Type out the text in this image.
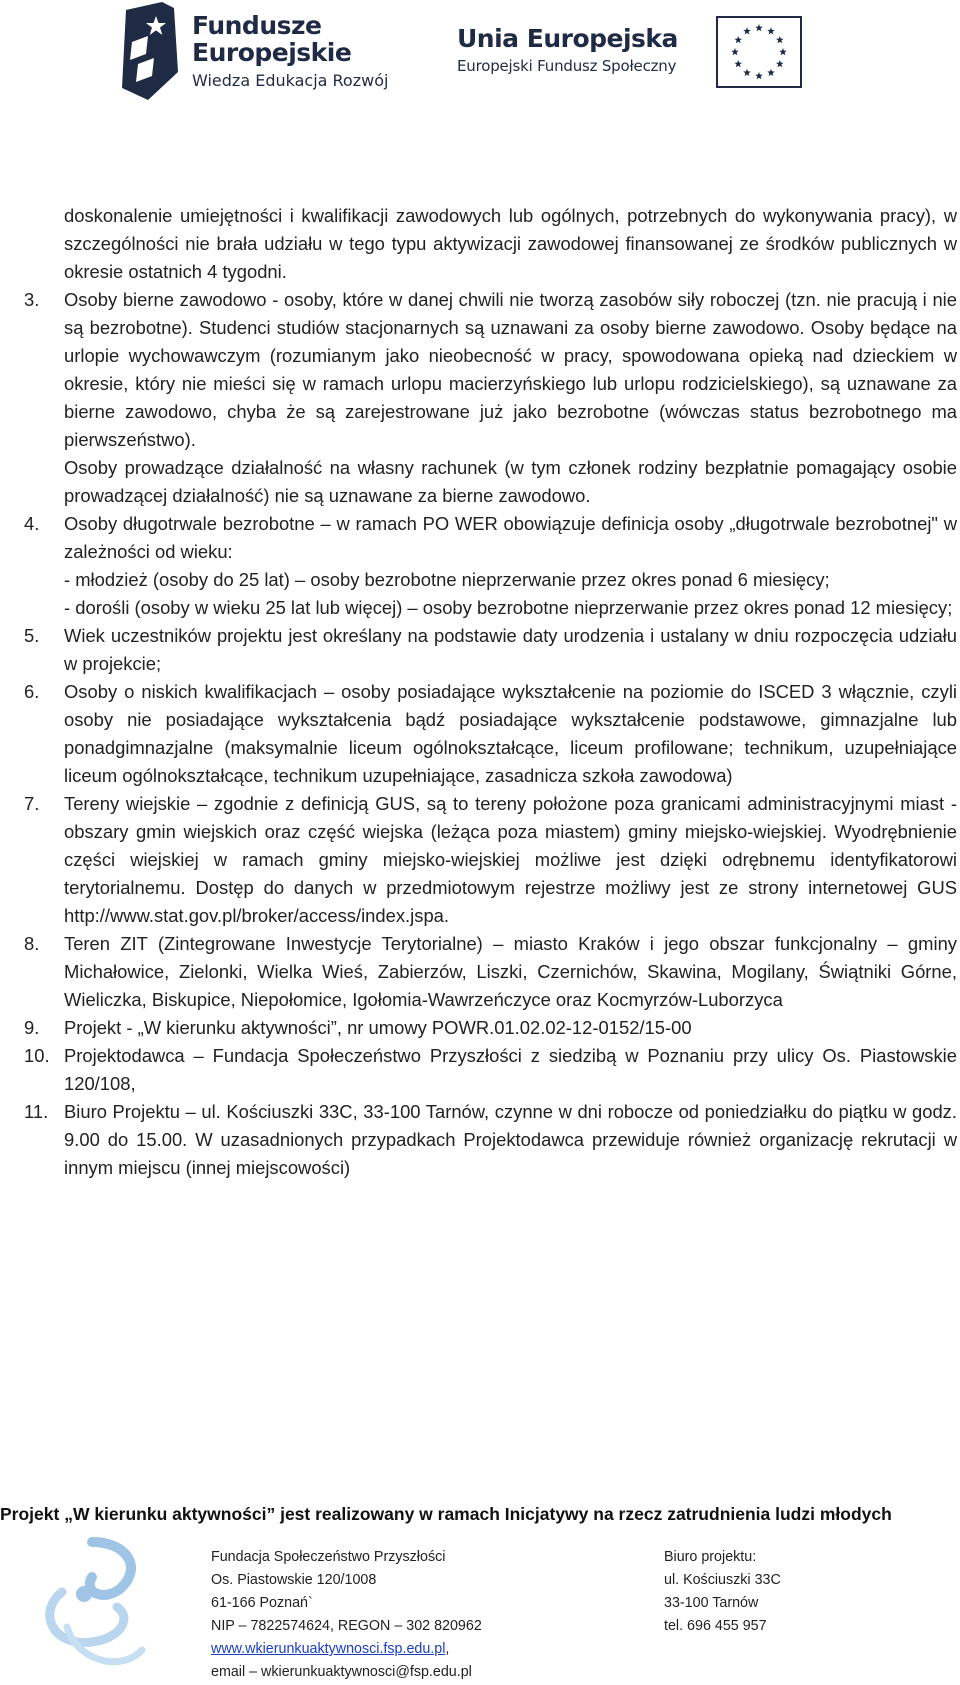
Fundusze
Europejskie
Wiedza Edukacja Rozwój
Unia Europejska
Europejski Fundusz Społeczny

doskonalenie umiejętności i kwalifikacji zawodowych lub ogólnych, potrzebnych do wykonywania pracy), w szczególności nie brała udziału w tego typu aktywizacji zawodowej finansowanej ze środków publicznych w okresie ostatnich 4 tygodni.

3.	Osoby bierne zawodowo - osoby, które w danej chwili nie tworzą zasobów siły roboczej (tzn. nie pracują i nie są bezrobotne). Studenci studiów stacjonarnych są uznawani za osoby bierne zawodowo. Osoby będące na urlopie wychowawczym (rozumianym jako nieobecność w pracy, spowodowana opieką nad dzieckiem w okresie, który nie mieści się w ramach urlopu macierzyńskiego lub urlopu rodzicielskiego), są uznawane za bierne zawodowo, chyba że są zarejestrowane już jako bezrobotne (wówczas status bezrobotnego ma pierwszeństwo).
Osoby prowadzące działalność na własny rachunek (w tym członek rodziny bezpłatnie pomagający osobie prowadzącej działalność) nie są uznawane za bierne zawodowo.
4.	Osoby długotrwale bezrobotne – w ramach PO WER obowiązuje definicja osoby „długotrwale bezrobotnej" w zależności od wieku:
- młodzież (osoby do 25 lat) – osoby bezrobotne nieprzerwanie przez okres ponad 6 miesięcy;
- dorośli (osoby w wieku 25 lat lub więcej) – osoby bezrobotne nieprzerwanie przez okres ponad 12 miesięcy;
5.	Wiek uczestników projektu jest określany na podstawie daty urodzenia i ustalany w dniu rozpoczęcia udziału w projekcie;
6.	Osoby o niskich kwalifikacjach – osoby posiadające wykształcenie na poziomie do ISCED 3 włącznie, czyli osoby nie posiadające wykształcenia bądź posiadające wykształcenie podstawowe, gimnazjalne lub ponadgimnazjalne (maksymalnie liceum ogólnokształcące, liceum profilowane; technikum, uzupełniające liceum ogólnokształcące, technikum uzupełniające, zasadnicza szkoła zawodowa)
7.	Tereny wiejskie – zgodnie z definicją GUS, są to tereny położone poza granicami administracyjnymi miast - obszary gmin wiejskich oraz część wiejska (leżąca poza miastem) gminy miejsko-wiejskiej. Wyodrębnienie części wiejskiej w ramach gminy miejsko-wiejskiej możliwe jest dzięki odrębnemu identyfikatorowi terytorialnemu. Dostęp do danych w przedmiotowym rejestrze możliwy jest ze strony internetowej GUS http://www.stat.gov.pl/broker/access/index.jspa.
8.	Teren ZIT (Zintegrowane Inwestycje Terytorialne) – miasto Kraków i jego obszar funkcjonalny – gminy Michałowice, Zielonki, Wielka Wieś, Zabierzów, Liszki, Czernichów, Skawina, Mogilany, Świątniki Górne, Wieliczka, Biskupice, Niepołomice, Igołomia-Wawrzeńczyce oraz Kocmyrzów-Luborzyca
9.	Projekt - „W kierunku aktywności”, nr umowy POWR.01.02.02-12-0152/15-00
10. Projektodawca – Fundacja Społeczeństwo Przyszłości z siedzibą w Poznaniu przy ulicy Os. Piastowskie 120/108,
11. Biuro Projektu – ul. Kościuszki 33C, 33-100 Tarnów, czynne w dni robocze od poniedziałku do piątku w godz. 9.00 do 15.00. W uzasadnionych przypadkach Projektodawca przewiduje również organizację rekrutacji w innym miejscu (innej miejscowości)
Projekt „W kierunku aktywności” jest realizowany w ramach Inicjatywy na rzecz zatrudnienia ludzi młodych
Fundacja Społeczeństwo Przyszłości
Os. Piastowskie 120/1008
61-166 Poznań`
NIP – 7822574624, REGON – 302 820962
www.wkierunkuaktywnosci.fsp.edu.pl,
email – wkierunkuaktywnosci@fsp.edu.pl
Biuro projektu:
ul. Kościuszki 33C
33-100 Tarnów
tel. 696 455 957
